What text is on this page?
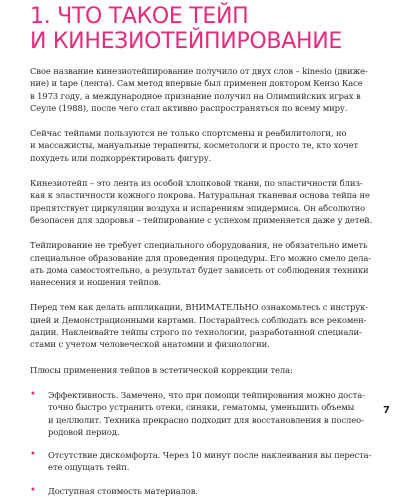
1. ЧТО ТАКОЕ ТЕЙП
И КИНЕЗИОТЕЙПИРОВАНИЕ

Свое название кинезиотейпирование получило от двух слов – kinesio (движе-
ние) и tape (лента). Сам метод впервые был применен доктором Кензо Касе
в 1973 году, а международное признание получил на Олимпийских играх в
Сеуле (1988), после чего стал активно распространяться по всему миру.

Сейчас тейпами пользуются не только спортсмены и реабилитологи, но
и массажисты, мануальные терапевты, косметологи и просто те, кто хочет
похудеть или подкорректировать фигуру.

Кинезиотейп – это лента из особой хлопковой ткани, по эластичности близ-
кая к эластичности кожного покрова. Натуральная тканевая основа тейпа не
препятствует циркуляции воздуха и испарениям эпидермиса. Он абсолютно
безопасен для здоровья – тейпирование с успехом применяется даже у детей.

Тейпирование не требует специального оборудования, не обязательно иметь
специальное образование для проведения процедуры. Его можно смело дела-
ать дома самостоятельно, а результат будет зависеть от соблюдения техники
нанесения и ношения тейпов.

Перед тем как делать аппликации, ВНИМАТЕЛЬНО ознакомьтесь с инструк-
цией и Демонстрационными картами. Постарайтесь соблюдать все рекомен-
дации. Наклеивайте тейпы строго по технологии, разработанной специали-
стами с учетом человеческой анатомии и физиологии.

Плюсы применения тейпов в эстетической коррекции тела:

• Эффективность. Замечено, что при помощи тейпирования можно доста-
точно быстро устранить отеки, синяки, гематомы, уменьшить объемы
и целлюлит. Техника прекрасно подходит для восстановления в послео-
родовой период.
• Отсутствие дискомфорта. Через 10 минут после наклеивания вы переста-
ете ощущать тейп.
• Доступная стоимость материалов.
7
